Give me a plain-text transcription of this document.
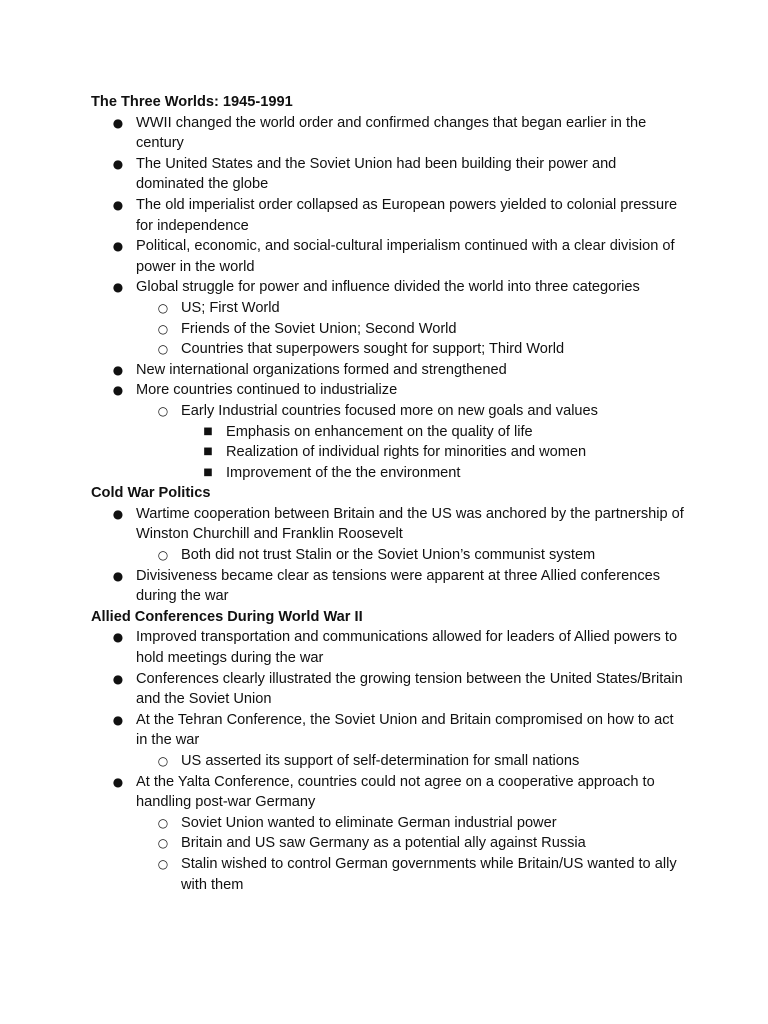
The Three Worlds: 1945-1991
● WWII changed the world order and confirmed changes that began earlier in the century
● The United States and the Soviet Union had been building their power and dominated the globe
● The old imperialist order collapsed as European powers yielded to colonial pressure for independence
● Political, economic, and social-cultural imperialism continued with a clear division of power in the world
● Global struggle for power and influence divided the world into three categories
○ US; First World
○ Friends of the Soviet Union; Second World
○ Countries that superpowers sought for support; Third World
● New international organizations formed and strengthened
● More countries continued to industrialize
○ Early Industrial countries focused more on new goals and values
■ Emphasis on enhancement on the quality of life
■ Realization of individual rights for minorities and women
■ Improvement of the the environment
Cold War Politics
● Wartime cooperation between Britain and the US was anchored by the partnership of Winston Churchill and Franklin Roosevelt
○ Both did not trust Stalin or the Soviet Union’s communist system
● Divisiveness became clear as tensions were apparent at three Allied conferences during the war
Allied Conferences During World War II
● Improved transportation and communications allowed for leaders of Allied powers to hold meetings during the war
● Conferences clearly illustrated the growing tension between the United States/Britain and the Soviet Union
● At the Tehran Conference, the Soviet Union and Britain compromised on how to act in the war
○ US asserted its support of self-determination for small nations
● At the Yalta Conference, countries could not agree on a cooperative approach to handling post-war Germany
○ Soviet Union wanted to eliminate German industrial power
○ Britain and US saw Germany as a potential ally against Russia
○ Stalin wished to control German governments while Britain/US wanted to ally with them
